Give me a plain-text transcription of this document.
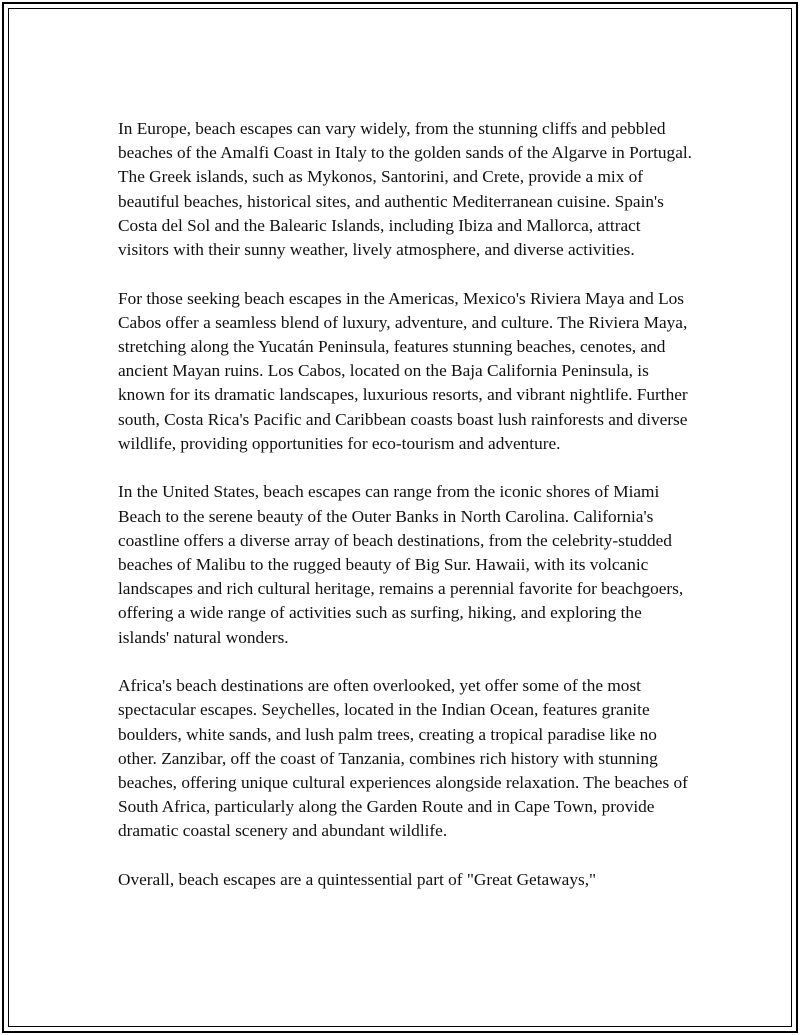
In Europe, beach escapes can vary widely, from the stunning cliffs and pebbled beaches of the Amalfi Coast in Italy to the golden sands of the Algarve in Portugal. The Greek islands, such as Mykonos, Santorini, and Crete, provide a mix of beautiful beaches, historical sites, and authentic Mediterranean cuisine. Spain's Costa del Sol and the Balearic Islands, including Ibiza and Mallorca, attract visitors with their sunny weather, lively atmosphere, and diverse activities.

For those seeking beach escapes in the Americas, Mexico's Riviera Maya and Los Cabos offer a seamless blend of luxury, adventure, and culture. The Riviera Maya, stretching along the Yucatán Peninsula, features stunning beaches, cenotes, and ancient Mayan ruins. Los Cabos, located on the Baja California Peninsula, is known for its dramatic landscapes, luxurious resorts, and vibrant nightlife. Further south, Costa Rica's Pacific and Caribbean coasts boast lush rainforests and diverse wildlife, providing opportunities for eco-tourism and adventure.

In the United States, beach escapes can range from the iconic shores of Miami Beach to the serene beauty of the Outer Banks in North Carolina. California's coastline offers a diverse array of beach destinations, from the celebrity-studded beaches of Malibu to the rugged beauty of Big Sur. Hawaii, with its volcanic landscapes and rich cultural heritage, remains a perennial favorite for beachgoers, offering a wide range of activities such as surfing, hiking, and exploring the islands' natural wonders.

Africa's beach destinations are often overlooked, yet offer some of the most spectacular escapes. Seychelles, located in the Indian Ocean, features granite boulders, white sands, and lush palm trees, creating a tropical paradise like no other. Zanzibar, off the coast of Tanzania, combines rich history with stunning beaches, offering unique cultural experiences alongside relaxation. The beaches of South Africa, particularly along the Garden Route and in Cape Town, provide dramatic coastal scenery and abundant wildlife.

Overall, beach escapes are a quintessential part of "Great Getaways,"
